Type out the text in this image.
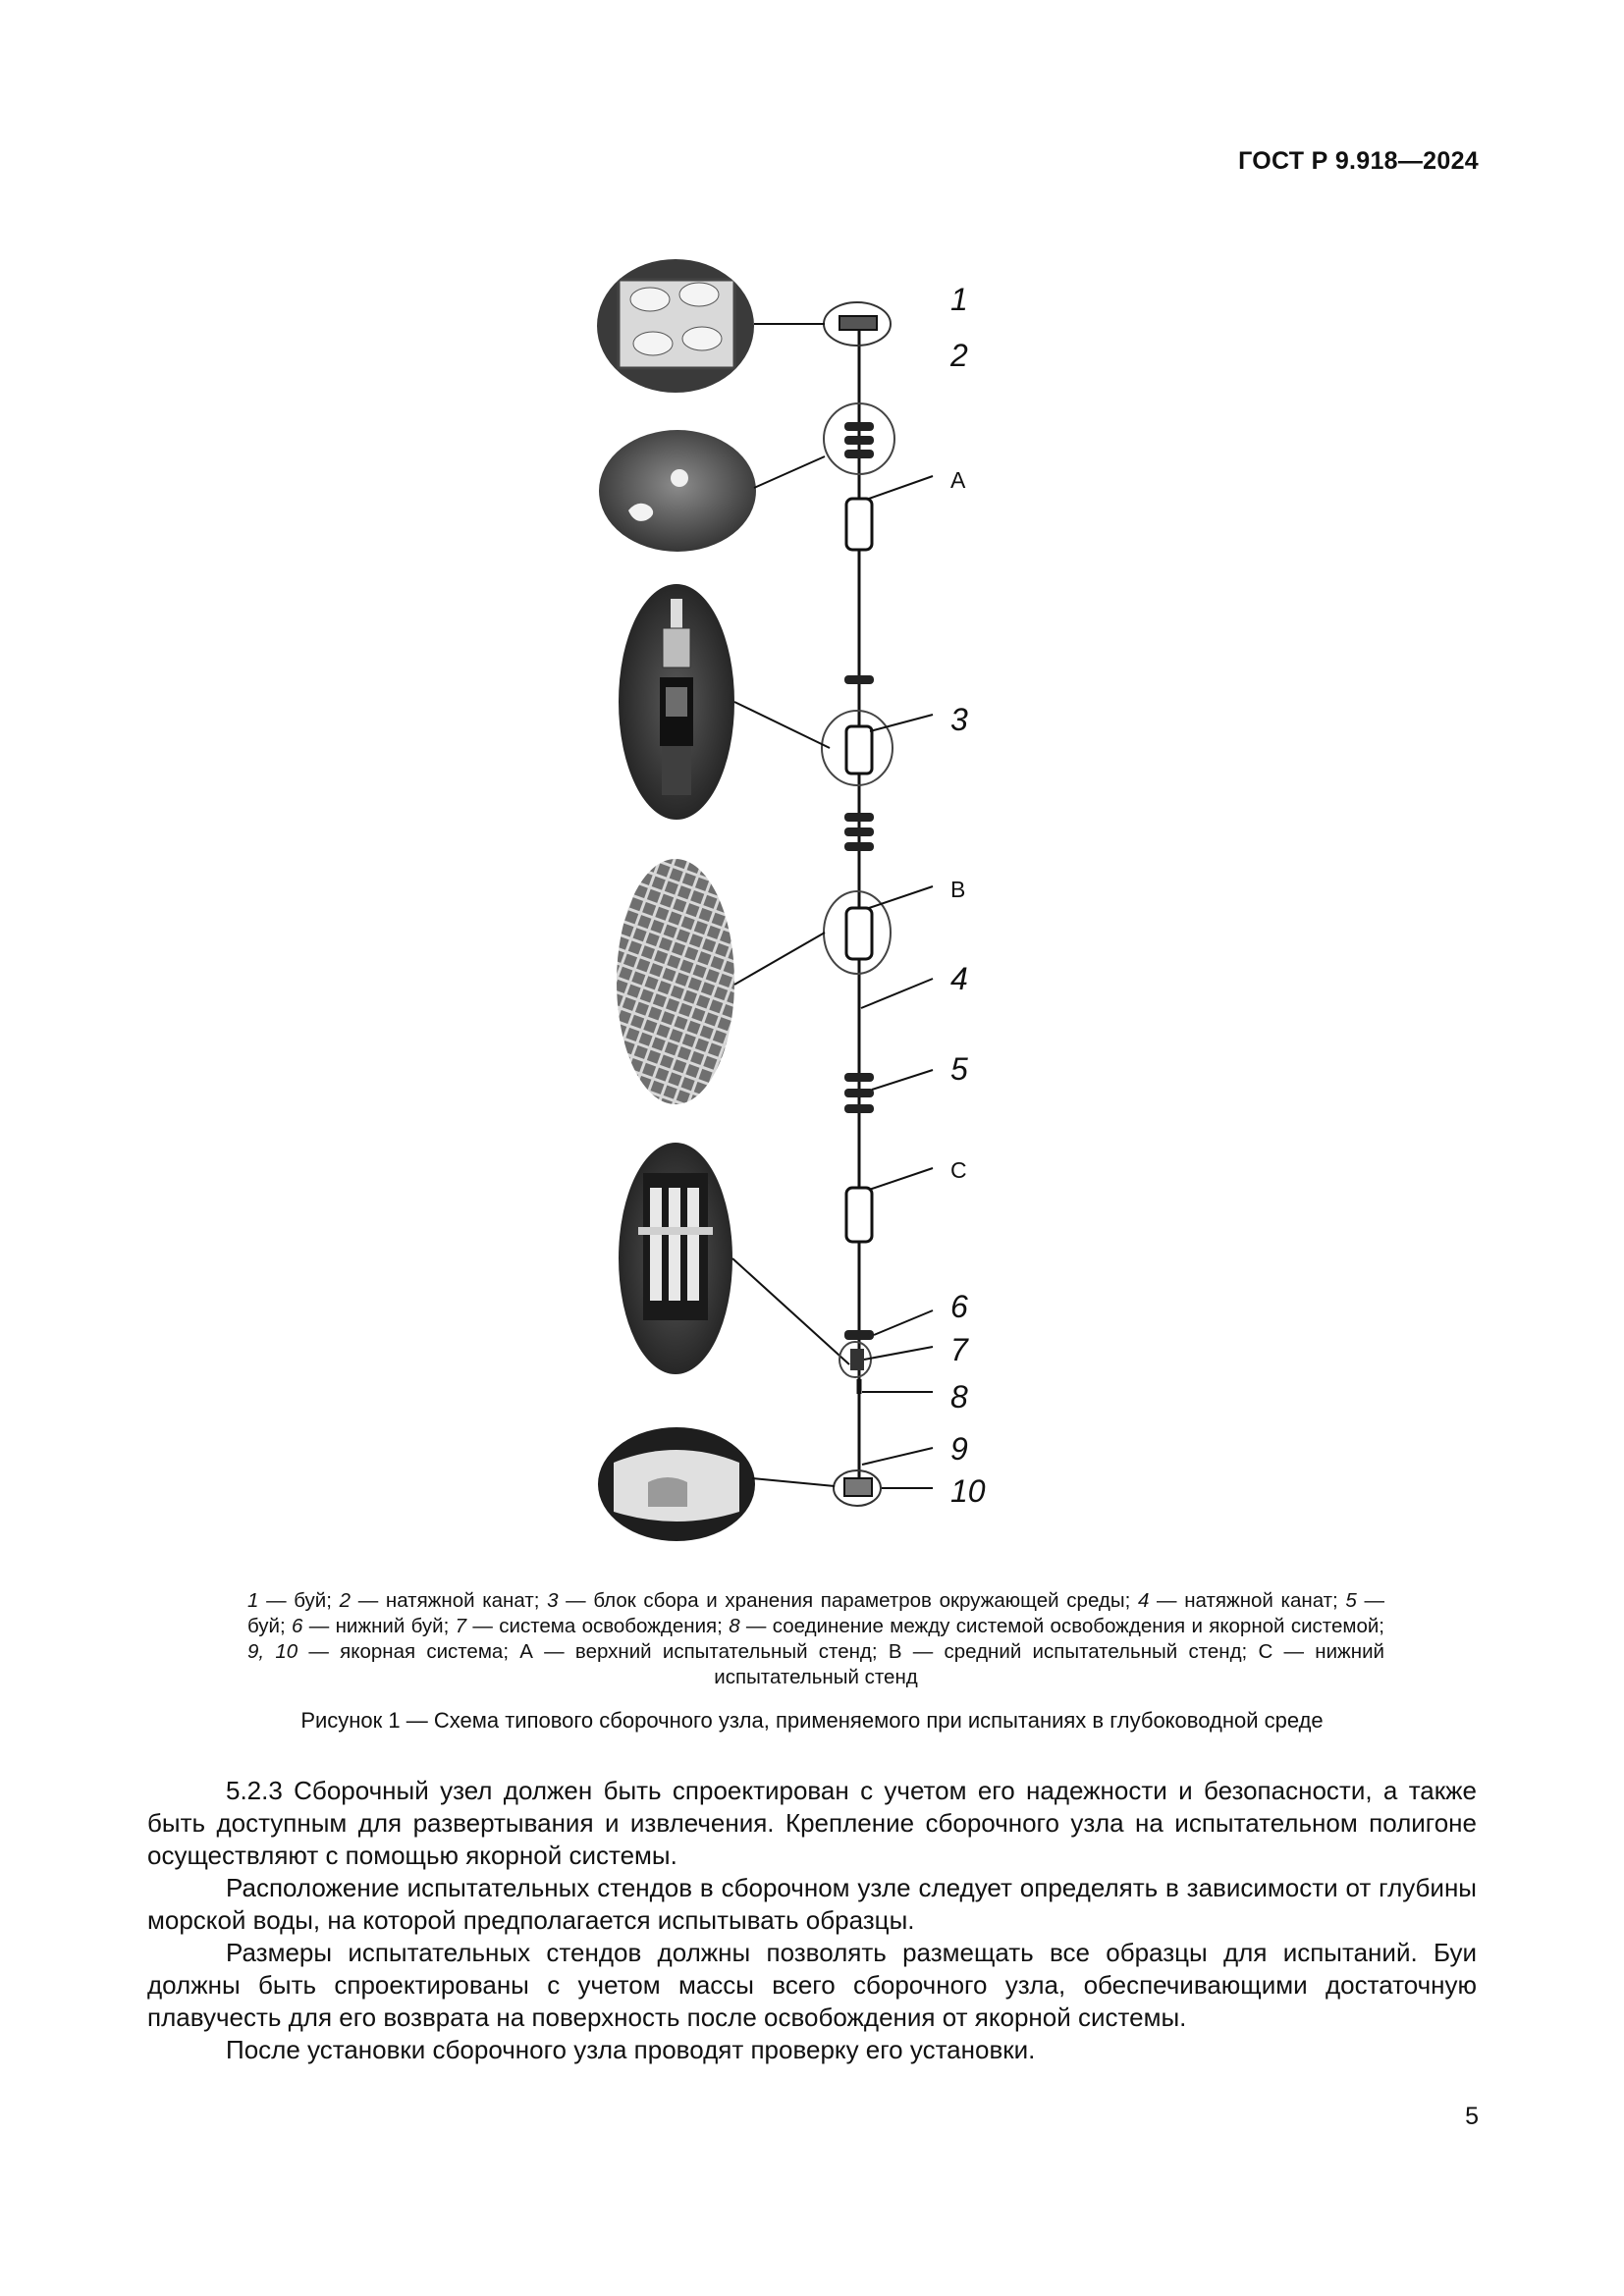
ГОСТ Р 9.918—2024
1
2
3
4
5
6
7
8
9
10
А
В
С
1 — буй; 2 — натяжной канат; 3 — блок сбора и хранения параметров окружающей среды; 4 — натяжной канат; 5 — буй; 6 — нижний буй; 7 — система освобождения; 8 — соединение между системой освобождения и якорной системой; 9, 10 — якорная система; А — верхний испытательный стенд; В — средний испытательный стенд; С — нижний испытательный стенд
Рисунок 1 — Схема типового сборочного узла, применяемого при испытаниях в глубоководной среде

5.2.3 Сборочный узел должен быть спроектирован с учетом его надежности и безопасности, а также быть доступным для развертывания и извлечения. Крепление сборочного узла на испытательном полигоне осуществляют с помощью якорной системы.

Расположение испытательных стендов в сборочном узле следует определять в зависимости от глубины морской воды, на которой предполагается испытывать образцы.

Размеры испытательных стендов должны позволять размещать все образцы для испытаний. Буи должны быть спроектированы с учетом массы всего сборочного узла, обеспечивающими достаточную плавучесть для его возврата на поверхность после освобождения от якорной системы.

После установки сборочного узла проводят проверку его установки.

5
